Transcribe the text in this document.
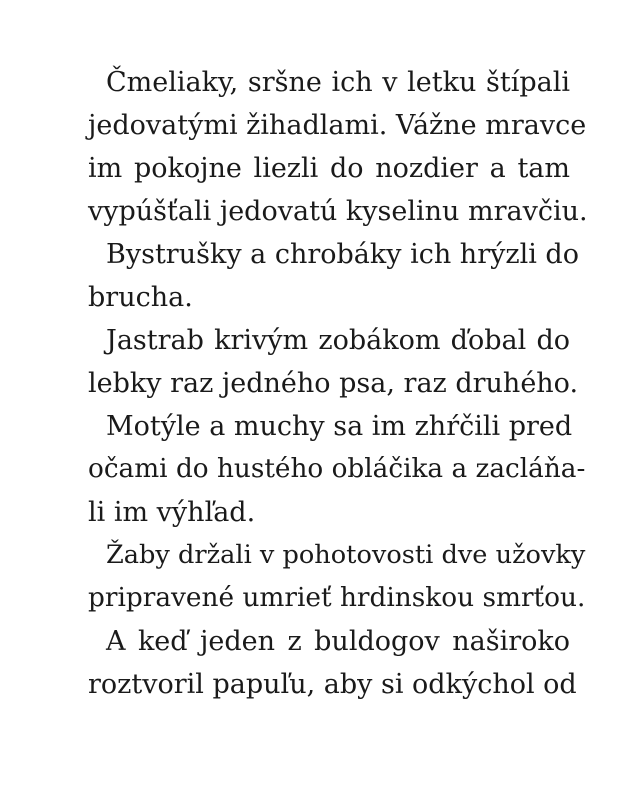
Čmeliaky, sršne ich v letku štípali
jedovatými žihadlami. Vážne mravce
im pokojne liezli do nozdier a tam
vypúšťali jedovatú kyselinu mravčiu.
Bystrušky a chrobáky ich hrýzli do
brucha.
Jastrab krivým zobákom ďobal do
lebky raz jedného psa, raz druhého.
Motýle a muchy sa im zhŕčili pred
očami do hustého obláčika a zacláňa-
li im výhľad.
Žaby držali v pohotovosti dve užovky
pripravené umrieť hrdinskou smrťou.
A keď jeden z buldogov naširoko
roztvoril papuľu, aby si odkýchol od
